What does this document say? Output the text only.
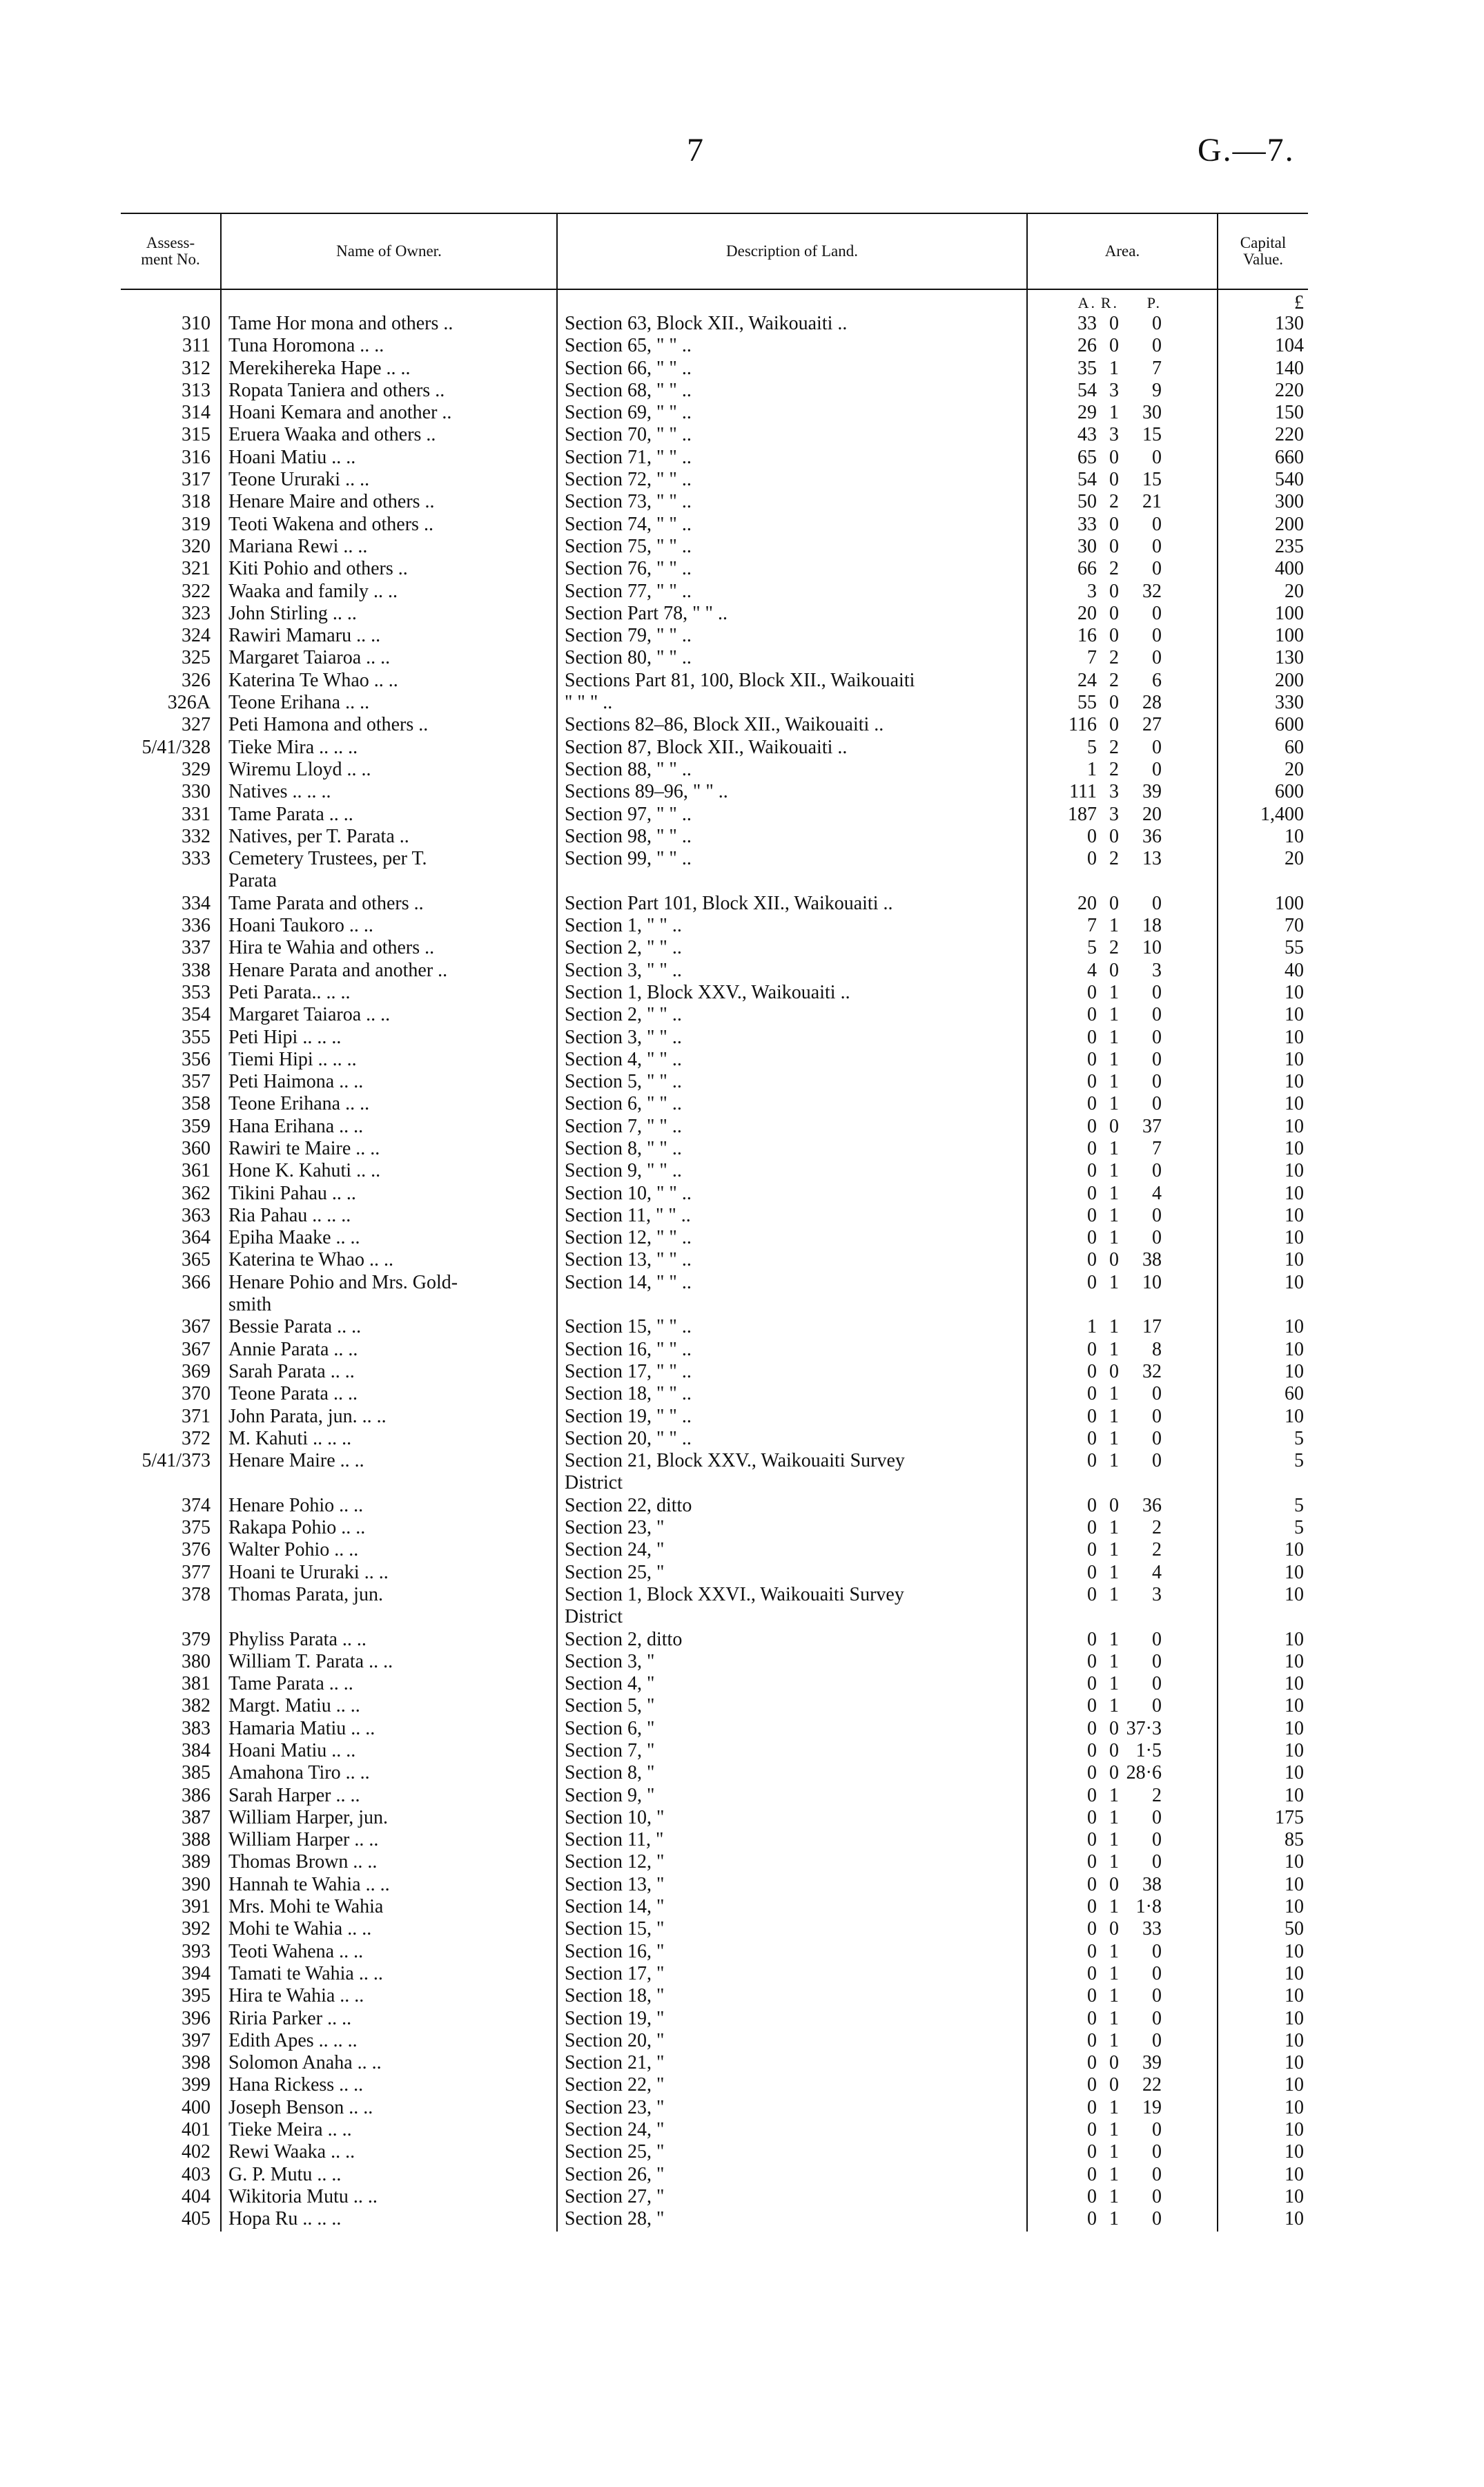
7	G.—7.
Assess-
ment No.	Name of Owner.	Description of Land.	Area.	Capital Value.
			A. R. P.	£
310	Tame Hor mona and others ..	Section 63, Block XII., Waikouaiti ..	33 0 0	130
311	Tuna Horomona .. ..	Section 65, " " ..	26 0 0	104
312	Merekihereka Hape .. ..	Section 66, " " ..	35 1 7	140
313	Ropata Taniera and others ..	Section 68, " " ..	54 3 9	220
314	Hoani Kemara and another ..	Section 69, " " ..	29 1 30	150
315	Eruera Waaka and others ..	Section 70, " " ..	43 3 15	220
316	Hoani Matiu .. ..	Section 71, " " ..	65 0 0	660
317	Teone Ururaki .. ..	Section 72, " " ..	54 0 15	540
318	Henare Maire and others ..	Section 73, " " ..	50 2 21	300
319	Teoti Wakena and others ..	Section 74, " " ..	33 0 0	200
320	Mariana Rewi .. ..	Section 75, " " ..	30 0 0	235
321	Kiti Pohio and others ..	Section 76, " " ..	66 2 0	400
322	Waaka and family .. ..	Section 77, " " ..	3 0 32	20
323	John Stirling .. ..	Section Part 78, " " ..	20 0 0	100
324	Rawiri Mamaru .. ..	Section 79, " " ..	16 0 0	100
325	Margaret Taiaroa .. ..	Section 80, " " ..	7 2 0	130
326	Katerina Te Whao .. ..	Sections Part 81, 100, Block XII., Waikouaiti	24 2 6	200
326A	Teone Erihana .. ..	" " " ..	55 0 28	330
327	Peti Hamona and others ..	Sections 82–86, Block XII., Waikouaiti ..	116 0 27	600
5/41/328	Tieke Mira .. .. ..	Section 87, Block XII., Waikouaiti ..	5 2 0	60
329	Wiremu Lloyd .. ..	Section 88, " " ..	1 2 0	20
330	Natives .. .. ..	Sections 89–96, " " ..	111 3 39	600
331	Tame Parata .. ..	Section 97, " " ..	187 3 20	1,400
332	Natives, per T. Parata ..	Section 98, " " ..	0 0 36	10
333	Cemetery Trustees, per T.	Section 99, " " ..	0 2 13	20
	Parata			
334	Tame Parata and others ..	Section Part 101, Block XII., Waikouaiti ..	20 0 0	100
336	Hoani Taukoro .. ..	Section 1, " " ..	7 1 18	70
337	Hira te Wahia and others ..	Section 2, " " ..	5 2 10	55
338	Henare Parata and another ..	Section 3, " " ..	4 0 3	40
353	Peti Parata.. .. ..	Section 1, Block XXV., Waikouaiti ..	0 1 0	10
354	Margaret Taiaroa .. ..	Section 2, " " ..	0 1 0	10
355	Peti Hipi .. .. ..	Section 3, " " ..	0 1 0	10
356	Tiemi Hipi .. .. ..	Section 4, " " ..	0 1 0	10
357	Peti Haimona .. ..	Section 5, " " ..	0 1 0	10
358	Teone Erihana .. ..	Section 6, " " ..	0 1 0	10
359	Hana Erihana .. ..	Section 7, " " ..	0 0 37	10
360	Rawiri te Maire .. ..	Section 8, " " ..	0 1 7	10
361	Hone K. Kahuti .. ..	Section 9, " " ..	0 1 0	10
362	Tikini Pahau .. ..	Section 10, " " ..	0 1 4	10
363	Ria Pahau .. .. ..	Section 11, " " ..	0 1 0	10
364	Epiha Maake .. ..	Section 12, " " ..	0 1 0	10
365	Katerina te Whao .. ..	Section 13, " " ..	0 0 38	10
366	Henare Pohio and Mrs. Gold-	Section 14, " " ..	0 1 10	10
	smith			
367	Bessie Parata .. ..	Section 15, " " ..	1 1 17	10
367	Annie Parata .. ..	Section 16, " " ..	0 1 8	10
369	Sarah Parata .. ..	Section 17, " " ..	0 0 32	10
370	Teone Parata .. ..	Section 18, " " ..	0 1 0	60
371	John Parata, jun. .. ..	Section 19, " " ..	0 1 0	10
372	M. Kahuti .. .. ..	Section 20, " " ..	0 1 0	5
5/41/373	Henare Maire .. ..	Section 21, Block XXV., Waikouaiti Survey	0 1 0	5
		District		
374	Henare Pohio .. ..	Section 22, ditto	0 0 36	5
375	Rakapa Pohio .. ..	Section 23, "	0 1 2	5
376	Walter Pohio .. ..	Section 24, "	0 1 2	10
377	Hoani te Ururaki .. ..	Section 25, "	0 1 4	10
378	Thomas Parata, jun.	Section 1, Block XXVI., Waikouaiti Survey	0 1 3	10
		District		
379	Phyliss Parata .. ..	Section 2, ditto	0 1 0	10
380	William T. Parata .. ..	Section 3, "	0 1 0	10
381	Tame Parata .. ..	Section 4, "	0 1 0	10
382	Margt. Matiu .. ..	Section 5, "	0 1 0	10
383	Hamaria Matiu .. ..	Section 6, "	0 0 37·3	10
384	Hoani Matiu .. ..	Section 7, "	0 0 1·5	10
385	Amahona Tiro .. ..	Section 8, "	0 0 28·6	10
386	Sarah Harper .. ..	Section 9, "	0 1 2	10
387	William Harper, jun.	Section 10, "	0 1 0	175
388	William Harper .. ..	Section 11, "	0 1 0	85
389	Thomas Brown .. ..	Section 12, "	0 1 0	10
390	Hannah te Wahia .. ..	Section 13, "	0 0 38	10
391	Mrs. Mohi te Wahia	Section 14, "	0 1 1·8	10
392	Mohi te Wahia .. ..	Section 15, "	0 0 33	50
393	Teoti Wahena .. ..	Section 16, "	0 1 0	10
394	Tamati te Wahia .. ..	Section 17, "	0 1 0	10
395	Hira te Wahia .. ..	Section 18, "	0 1 0	10
396	Riria Parker .. ..	Section 19, "	0 1 0	10
397	Edith Apes .. .. ..	Section 20, "	0 1 0	10
398	Solomon Anaha .. ..	Section 21, "	0 0 39	10
399	Hana Rickess .. ..	Section 22, "	0 0 22	10
400	Joseph Benson .. ..	Section 23, "	0 1 19	10
401	Tieke Meira .. ..	Section 24, "	0 1 0	10
402	Rewi Waaka .. ..	Section 25, "	0 1 0	10
403	G. P. Mutu .. ..	Section 26, "	0 1 0	10
404	Wikitoria Mutu .. ..	Section 27, "	0 1 0	10
405	Hopa Ru .. .. ..	Section 28, "	0 1 0	10
